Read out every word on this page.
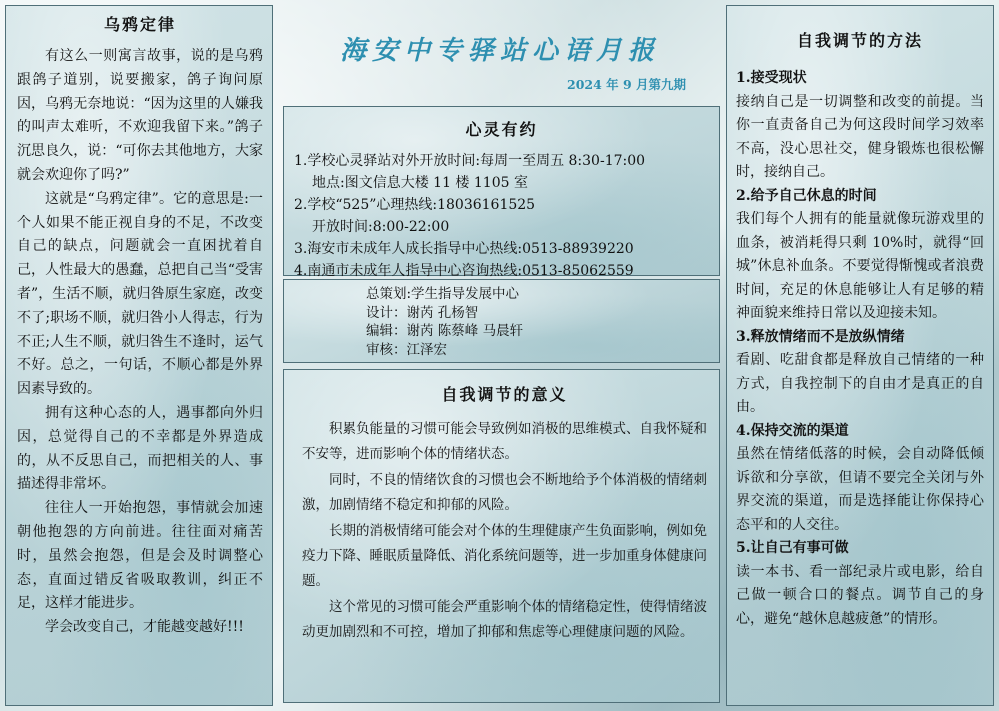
乌鸦定律

有这么一则寓言故事，说的是乌鸦跟鸽子道别，说要搬家，鸽子询问原因，乌鸦无奈地说：“因为这里的人嫌我的叫声太难听，不欢迎我留下来。”鸽子沉思良久，说：“可你去其他地方，大家就会欢迎你了吗?”

这就是“乌鸦定律”。它的意思是:一个人如果不能正视自身的不足，不改变自己的缺点，问题就会一直困扰着自己，人性最大的愚蠢，总把自己当“受害者”，生活不顺，就归咎原生家庭，改变不了;职场不顺，就归咎小人得志，行为不正;人生不顺，就归咎生不逢时，运气不好。总之，一句话，不顺心都是外界因素导致的。

拥有这种心态的人，遇事都向外归因，总觉得自己的不幸都是外界造成的，从不反思自己，而把相关的人、事描述得非常坏。

往往人一开始抱怨，事情就会加速朝他抱怨的方向前进。往往面对痛苦时，虽然会抱怨，但是会及时调整心态，直面过错反省吸取教训，纠正不足，这样才能进步。

学会改变自己，才能越变越好!!!

海安中专驿站心语月报
2024 年 9 月第九期
心灵有约

1.学校心灵驿站对外开放时间:每周一至周五 8:30-17:00

地点:图文信息大楼 11 楼 1105 室

2.学校“525”心理热线:18036161525

开放时间:8:00-22:00

3.海安市未成年人成长指导中心热线:0513-88939220

4.南通市未成年人指导中心咨询热线:0513-85062559

总策划:学生指导发展中心

设计：谢芮 孔杨智

编辑：谢芮 陈蔡峰 马晨轩

审核：江泽宏

自我调节的意义

积累负能量的习惯可能会导致例如消极的思维模式、自我怀疑和不安等，进而影响个体的情绪状态。

同时，不良的情绪饮食的习惯也会不断地给予个体消极的情绪刺激，加剧情绪不稳定和抑郁的风险。

长期的消极情绪可能会对个体的生理健康产生负面影响，例如免疫力下降、睡眠质量降低、消化系统问题等，进一步加重身体健康问题。

这个常见的习惯可能会严重影响个体的情绪稳定性，使得情绪波动更加剧烈和不可控，增加了抑郁和焦虑等心理健康问题的风险。

自我调节的方法

1.接受现状

接纳自己是一切调整和改变的前提。当你一直责备自己为何这段时间学习效率不高，没心思社交，健身锻炼也很松懈时，接纳自己。

2.给予自己休息的时间

我们每个人拥有的能量就像玩游戏里的血条，被消耗得只剩 10%时，就得“回城”休息补血条。不要觉得惭愧或者浪费时间，充足的休息能够让人有足够的精神面貌来维持日常以及迎接未知。

3.释放情绪而不是放纵情绪

看剧、吃甜食都是释放自己情绪的一种方式，自我控制下的自由才是真正的自由。

4.保持交流的渠道

虽然在情绪低落的时候，会自动降低倾诉欲和分享欲，但请不要完全关闭与外界交流的渠道，而是选择能让你保持心态平和的人交往。

5.让自己有事可做

读一本书、看一部纪录片或电影，给自己做一顿合口的餐点。调节自己的身心，避免“越休息越疲惫”的情形。
